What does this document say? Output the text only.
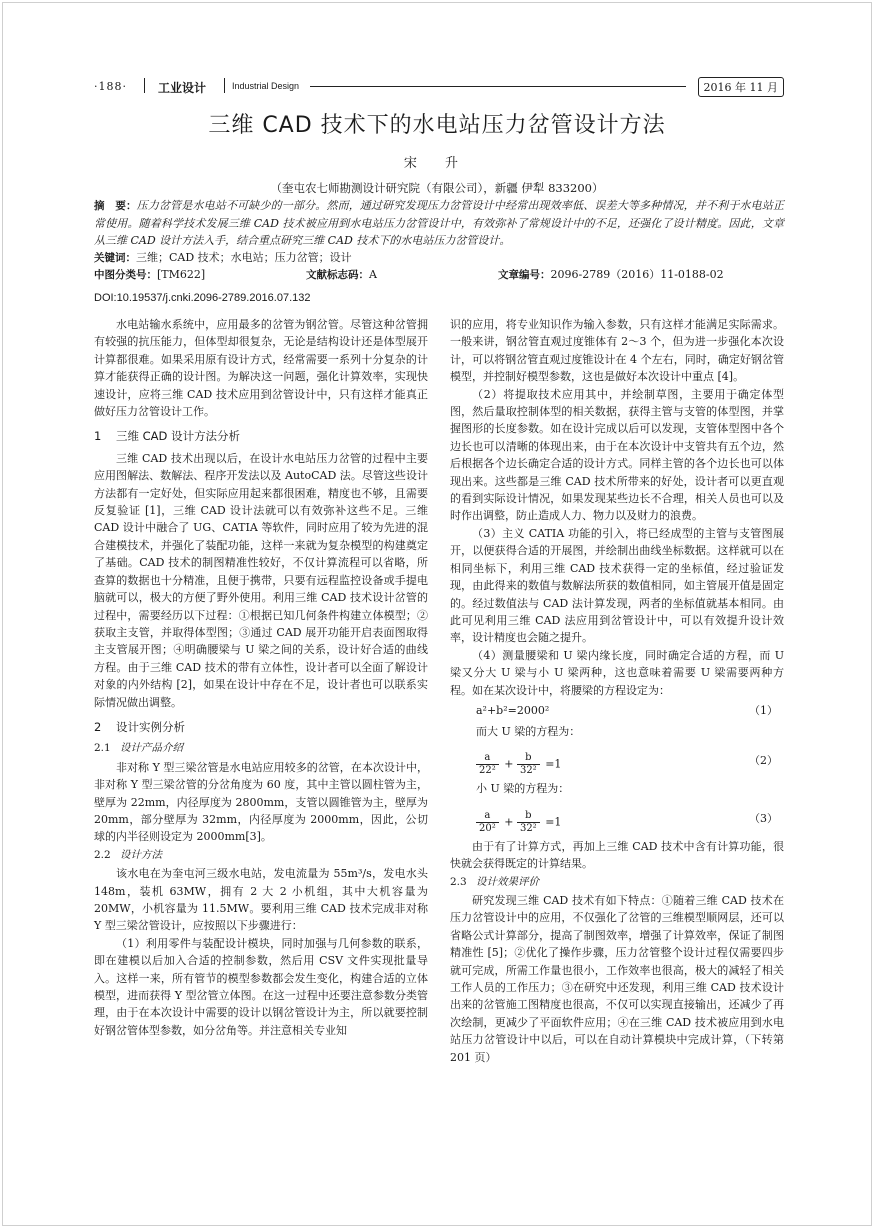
·188·	工业设计	Industrial Design	2016 年 11 月
三维 CAD 技术下的水电站压力岔管设计方法
宋 升
（奎屯农七师勘测设计研究院（有限公司），新疆 伊犁 833200）
摘　要：压力岔管是水电站不可缺少的一部分。然而，通过研究发现压力岔管设计中经常出现效率低、误差大等多种情况，并不利于水电站正常使用。随着科学技术发展三维 CAD 技术被应用到水电站压力岔管设计中，有效弥补了常规设计中的不足，还强化了设计精度。因此，文章从三维 CAD 设计方法入手，结合重点研究三维 CAD 技术下的水电站压力岔管设计。
关键词：三维；CAD 技术；水电站；压力岔管；设计
中图分类号： [TM622]	文献标志码： A	文章编号： 2096-2789（2016）11-0188-02
DOI:10.19537/j.cnki.2096-2789.2016.07.132

水电站输水系统中，应用最多的岔管为钢岔管。尽管这种岔管拥有较强的抗压能力，但体型却很复杂，无论是结构设计还是体型展开计算都很难。如果采用原有设计方式，经常需要一系列十分复杂的计算才能获得正确的设计图。为解决这一问题，强化计算效率，实现快速设计，应将三维 CAD 技术应用到岔管设计中，只有这样才能真正做好压力岔管设计工作。

1 三维 CAD 设计方法分析

三维 CAD 技术出现以后，在设计水电站压力岔管的过程中主要应用图解法、数解法、程序开发法以及 AutoCAD 法。尽管这些设计方法都有一定好处，但实际应用起来都很困难，精度也不够，且需要反复验证 [1]，三维 CAD 设计法就可以有效弥补这些不足。三维 CAD 设计中融合了 UG、CATIA 等软件，同时应用了较为先进的混合建模技术，并强化了装配功能，这样一来就为复杂模型的构建奠定了基础。CAD 技术的制图精准性较好，不仅计算流程可以省略，所查算的数据也十分精准，且便于携带，只要有远程监控设备或手提电脑就可以，极大的方便了野外使用。利用三维 CAD 技术设计岔管的过程中，需要经历以下过程：①根据已知几何条件构建立体模型；②获取主支管，并取得体型图；③通过 CAD 展开功能开启表面图取得主支管展开图；④明确腰梁与 U 梁之间的关系，设计好合适的曲线方程。由于三维 CAD 技术的带有立体性，设计者可以全面了解设计对象的内外结构 [2]，如果在设计中存在不足，设计者也可以联系实际情况做出调整。

2 设计实例分析

2.1 设计产品介绍

非对称 Y 型三梁岔管是水电站应用较多的岔管，在本次设计中，非对称 Y 型三梁岔管的分岔角度为 60 度，其中主管以圆柱管为主，壁厚为 22mm，内径厚度为 2800mm，支管以圆锥管为主，壁厚为 20mm，部分壁厚为 32mm，内径厚度为 2000mm，因此，公切球的内半径则设定为 2000mm[3]。

2.2 设计方法

该水电在为奎屯河三级水电站，发电流量为 55m³/s，发电水头 148m，装机 63MW，拥有 2 大 2 小机组，其中大机容量为 20MW，小机容量为 11.5MW。要利用三维 CAD 技术完成非对称 Y 型三梁岔管设计，应按照以下步骤进行：

（1）利用零件与装配设计模块，同时加强与几何参数的联系，即在建模以后加入合适的控制参数，然后用 CSV 文件实现批量导入。这样一来，所有管节的模型参数都会发生变化，构建合适的立体模型，进而获得 Y 型岔管立体图。在这一过程中还要注意参数分类管理，由于在本次设计中需要的设计以钢岔管设计为主，所以就要控制好钢岔管体型参数，如分岔角等。并注意相关专业知

识的应用，将专业知识作为输入参数，只有这样才能满足实际需求。一般来讲，钢岔管直观过度锥体有 2～3 个，但为进一步强化本次设计，可以将钢岔管直观过度锥设计在 4 个左右，同时，确定好钢岔管模型，并控制好模型参数，这也是做好本次设计中重点 [4]。

（2）将提取技术应用其中，并绘制草图，主要用于确定体型图，然后量取控制体型的相关数据，获得主管与支管的体型图，并掌握图形的长度参数。如在设计完成以后可以发现，支管体型图中各个边长也可以清晰的体现出来，由于在本次设计中支管共有五个边，然后根据各个边长确定合适的设计方式。同样主管的各个边长也可以体现出来。这些都是三维 CAD 技术所带来的好处，设计者可以更直观的看到实际设计情况，如果发现某些边长不合理，相关人员也可以及时作出调整，防止造成人力、物力以及财力的浪费。

（3）主义 CATIA 功能的引入，将已经成型的主管与支管图展开，以便获得合适的开展图，并绘制出曲线坐标数据。这样就可以在相同坐标下，利用三维 CAD 技术获得一定的坐标值，经过验证发现，由此得来的数值与数解法所获的数值相同，如主管展开值是固定的。经过数值法与 CAD 法计算发现，两者的坐标值就基本相同。由此可见利用三维 CAD 法应用到岔管设计中，可以有效提升设计效率，设计精度也会随之提升。

（4）测量腰梁和 U 梁内缘长度，同时确定合适的方程，而 U 梁又分大 U 梁与小 U 梁两种，这也意味着需要 U 梁需要两种方程。如在某次设计中，将腰梁的方程设定为：

a²+b²=2000²	（1）

而大 U 梁的方程为：

$\frac{a}{\text{22²}} + \frac{b}{\text{32²}} =1$	（2）

小 U 梁的方程为：

$\frac{a}{\text{20²}} + \frac{b}{\text{32²}} =1$	（3）

由于有了计算方式，再加上三维 CAD 技术中含有计算功能，很快就会获得既定的计算结果。

2.3 设计效果评价

研究发现三维 CAD 技术有如下特点：①随着三维 CAD 技术在压力岔管设计中的应用，不仅强化了岔管的三维模型顺网层，还可以省略公式计算部分，提高了制图效率，增强了计算效率，保证了制图精准性 [5]；②优化了操作步骤，压力岔管整个设计过程仅需要四步就可完成，所需工作量也很小，工作效率也很高，极大的减轻了相关工作人员的工作压力；③在研究中还发现，利用三维 CAD 技术设计出来的岔管施工图精度也很高，不仅可以实现直接输出，还减少了再次绘制，更减少了平面软件应用；④在三维 CAD 技术被应用到水电站压力岔管设计中以后，可以在自动计算模块中完成计算，（下转第 201 页）
